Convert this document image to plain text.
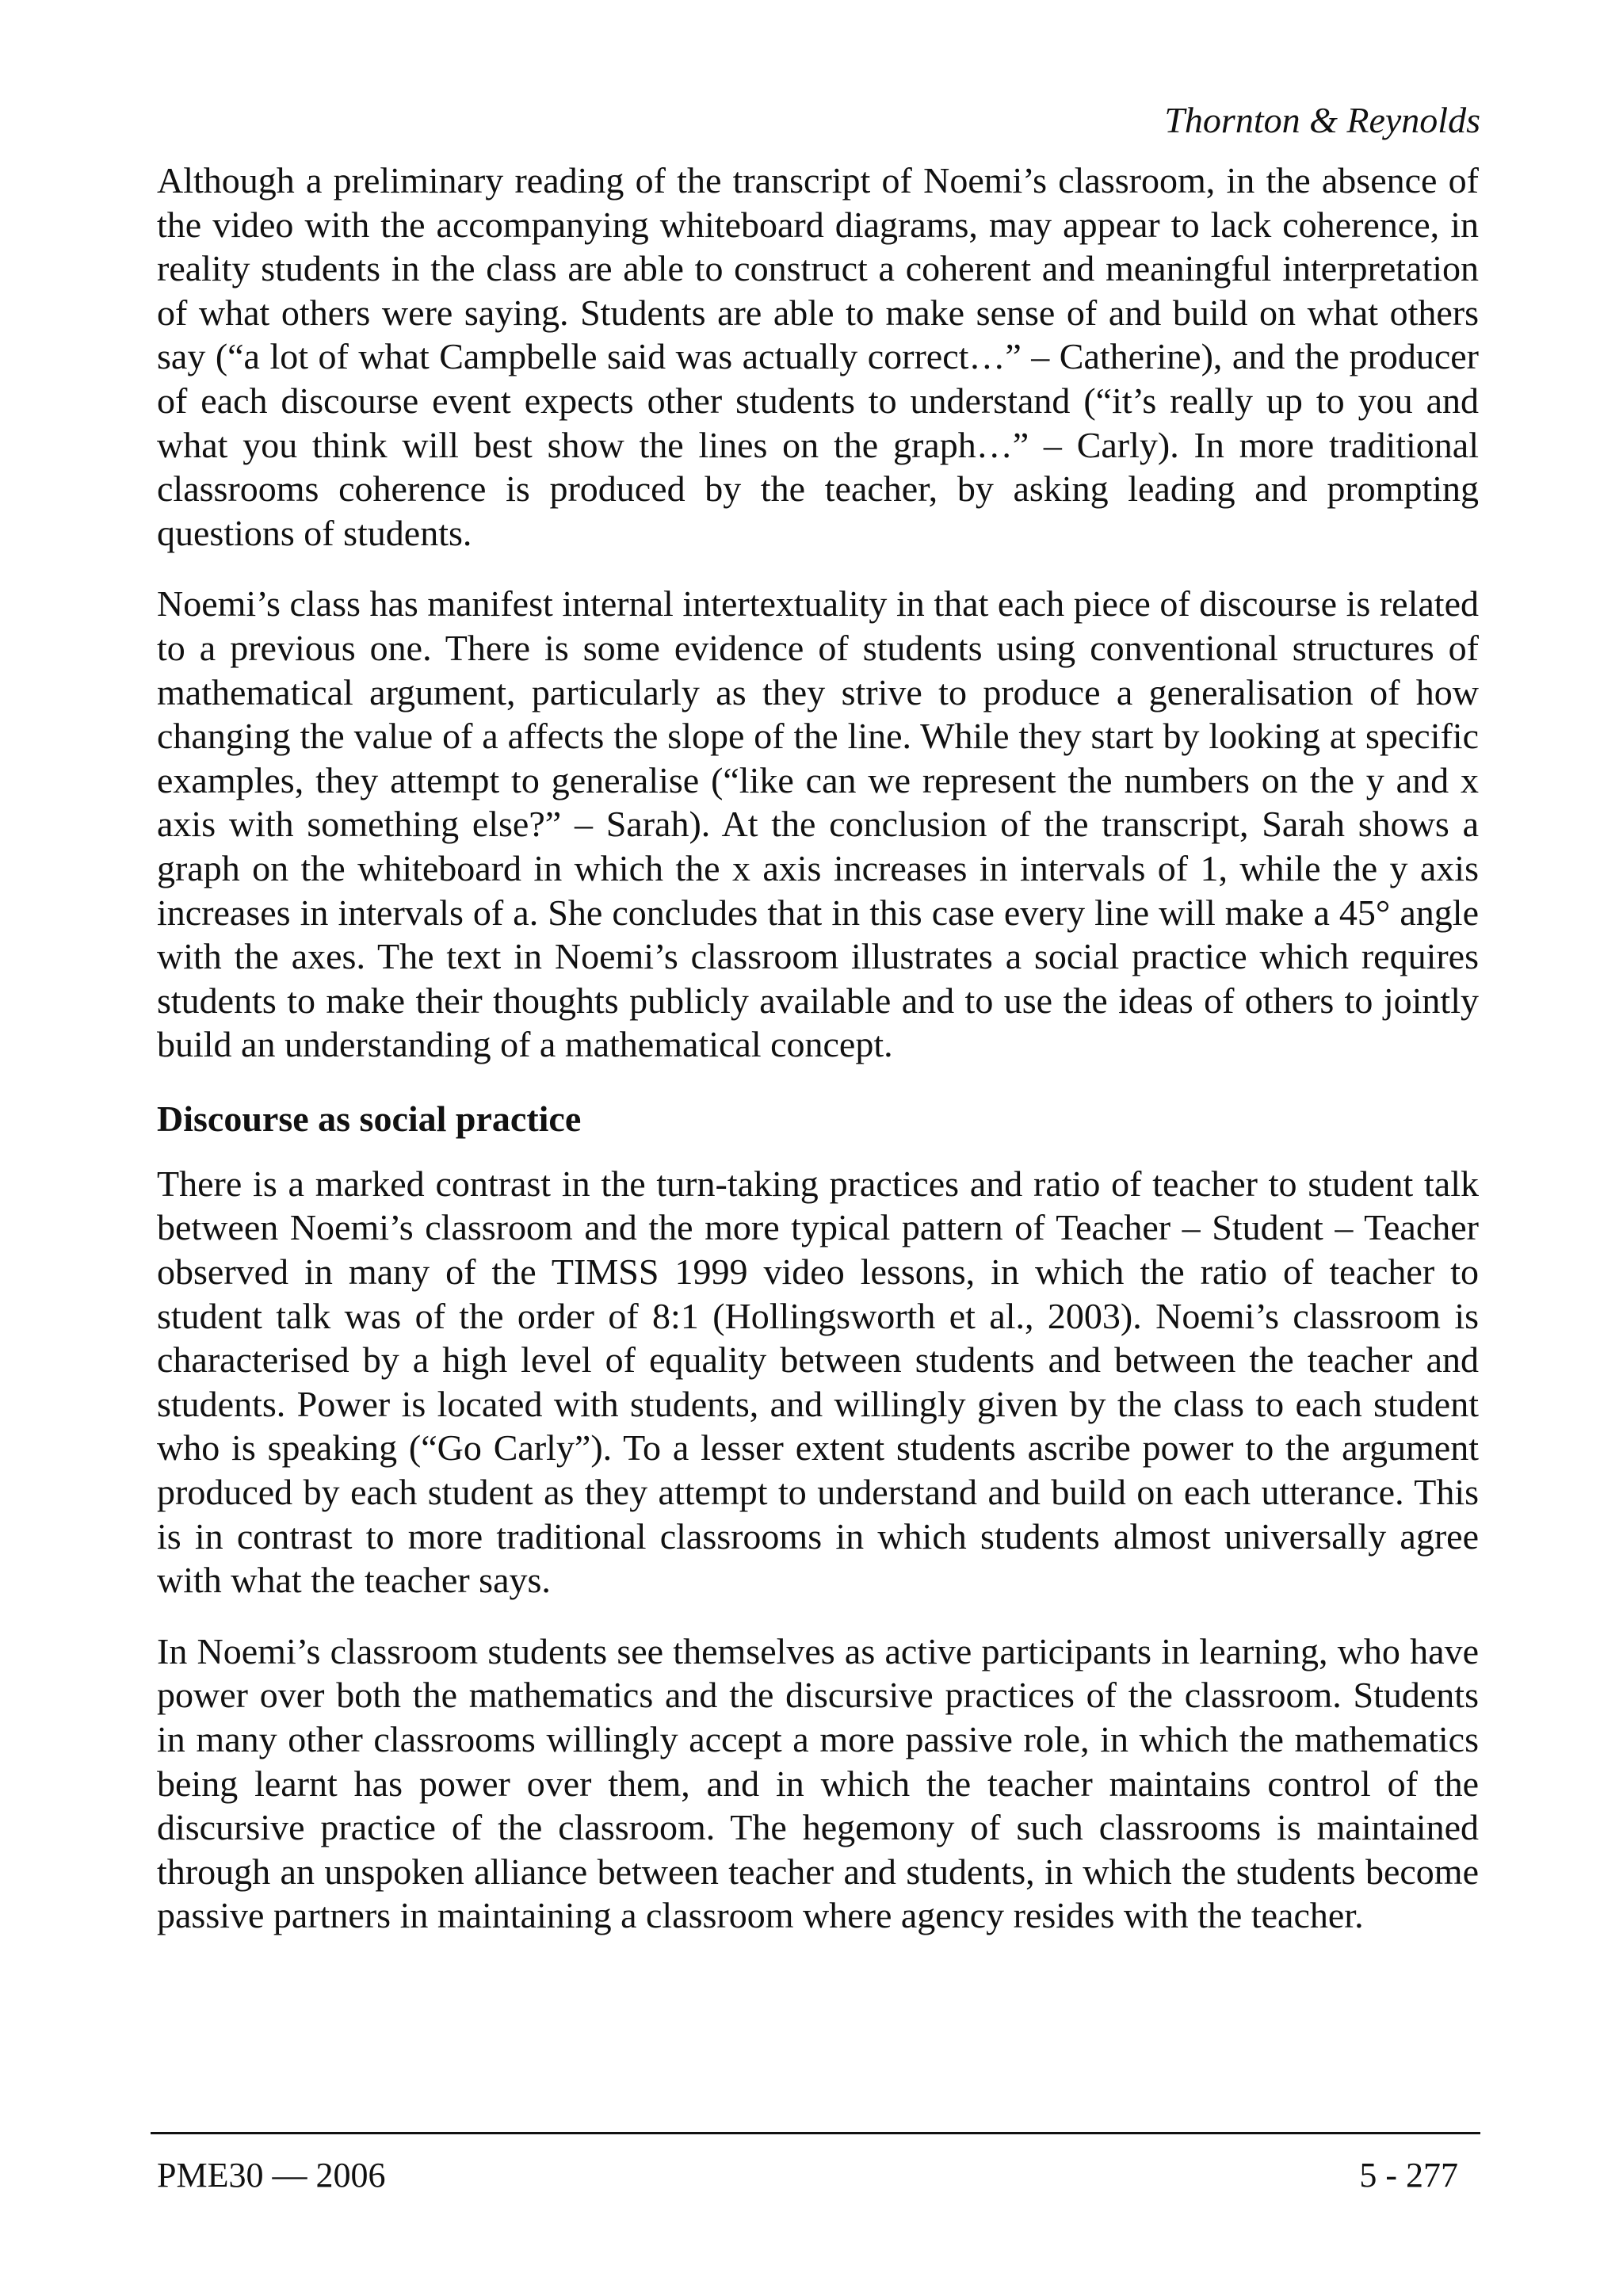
Thornton & Reynolds

Although a preliminary reading of the transcript of Noemi’s classroom, in the absence of the video with the accompanying whiteboard diagrams, may appear to lack coherence, in reality students in the class are able to construct a coherent and meaningful interpretation of what others were saying. Students are able to make sense of and build on what others say (“a lot of what Campbelle said was actually correct…” – Catherine), and the producer of each discourse event expects other students to understand (“it’s really up to you and what you think will best show the lines on the graph…” – Carly). In more traditional classrooms coherence is produced by the teacher, by asking leading and prompting questions of students.

Noemi’s class has manifest internal intertextuality in that each piece of discourse is related to a previous one. There is some evidence of students using conventional structures of mathematical argument, particularly as they strive to produce a generalisation of how changing the value of a affects the slope of the line. While they start by looking at specific examples, they attempt to generalise (“like can we represent the numbers on the y and x axis with something else?” – Sarah). At the conclusion of the transcript, Sarah shows a graph on the whiteboard in which the x axis increases in intervals of 1, while the y axis increases in intervals of a. She concludes that in this case every line will make a 45° angle with the axes. The text in Noemi’s classroom illustrates a social practice which requires students to make their thoughts publicly available and to use the ideas of others to jointly build an understanding of a mathematical concept.

Discourse as social practice

There is a marked contrast in the turn-taking practices and ratio of teacher to student talk between Noemi’s classroom and the more typical pattern of Teacher – Student – Teacher observed in many of the TIMSS 1999 video lessons, in which the ratio of teacher to student talk was of the order of 8:1 (Hollingsworth et al., 2003). Noemi’s classroom is characterised by a high level of equality between students and between the teacher and students. Power is located with students, and willingly given by the class to each student who is speaking (“Go Carly”). To a lesser extent students ascribe power to the argument produced by each student as they attempt to understand and build on each utterance. This is in contrast to more traditional classrooms in which students almost universally agree with what the teacher says.

In Noemi’s classroom students see themselves as active participants in learning, who have power over both the mathematics and the discursive practices of the classroom. Students in many other classrooms willingly accept a more passive role, in which the mathematics being learnt has power over them, and in which the teacher maintains control of the discursive practice of the classroom. The hegemony of such classrooms is maintained through an unspoken alliance between teacher and students, in which the students become passive partners in maintaining a classroom where agency resides with the teacher.

PME30 — 2006	5 - 277
